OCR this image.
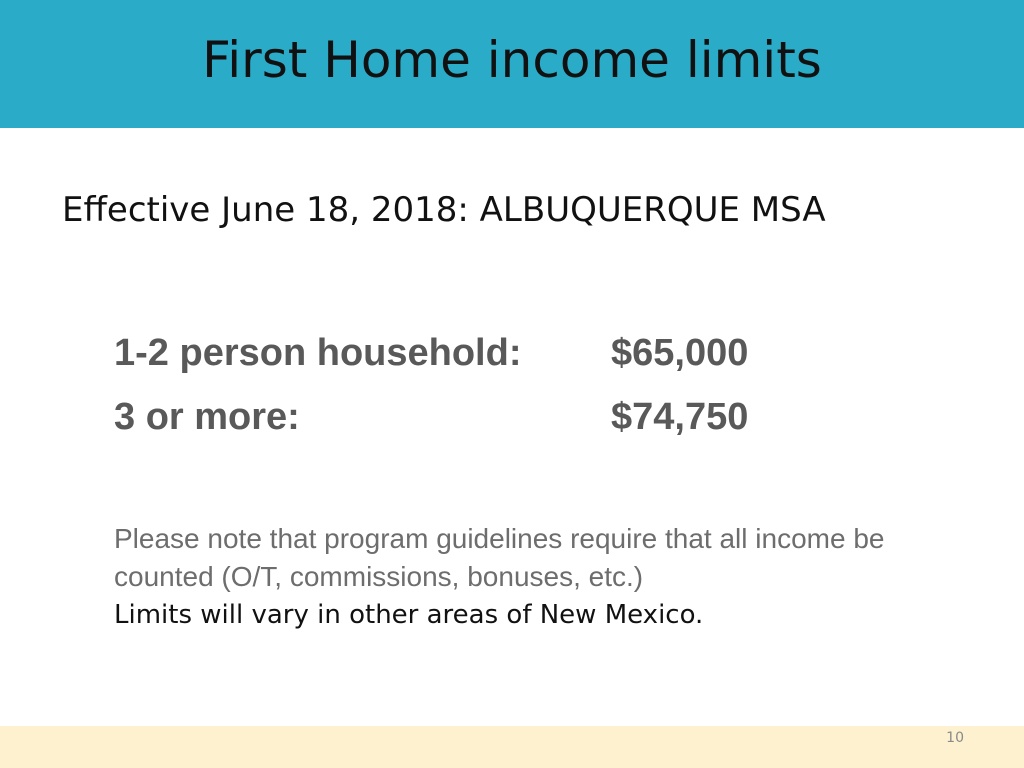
First Home income limits
Effective June 18, 2018: ALBUQUERQUE MSA
1-2 person household: $65,000
3 or more:	$74,750
Please note that program guidelines require that all income be counted (O/T, commissions, bonuses, etc.)
Limits will vary in other areas of New Mexico.
10
